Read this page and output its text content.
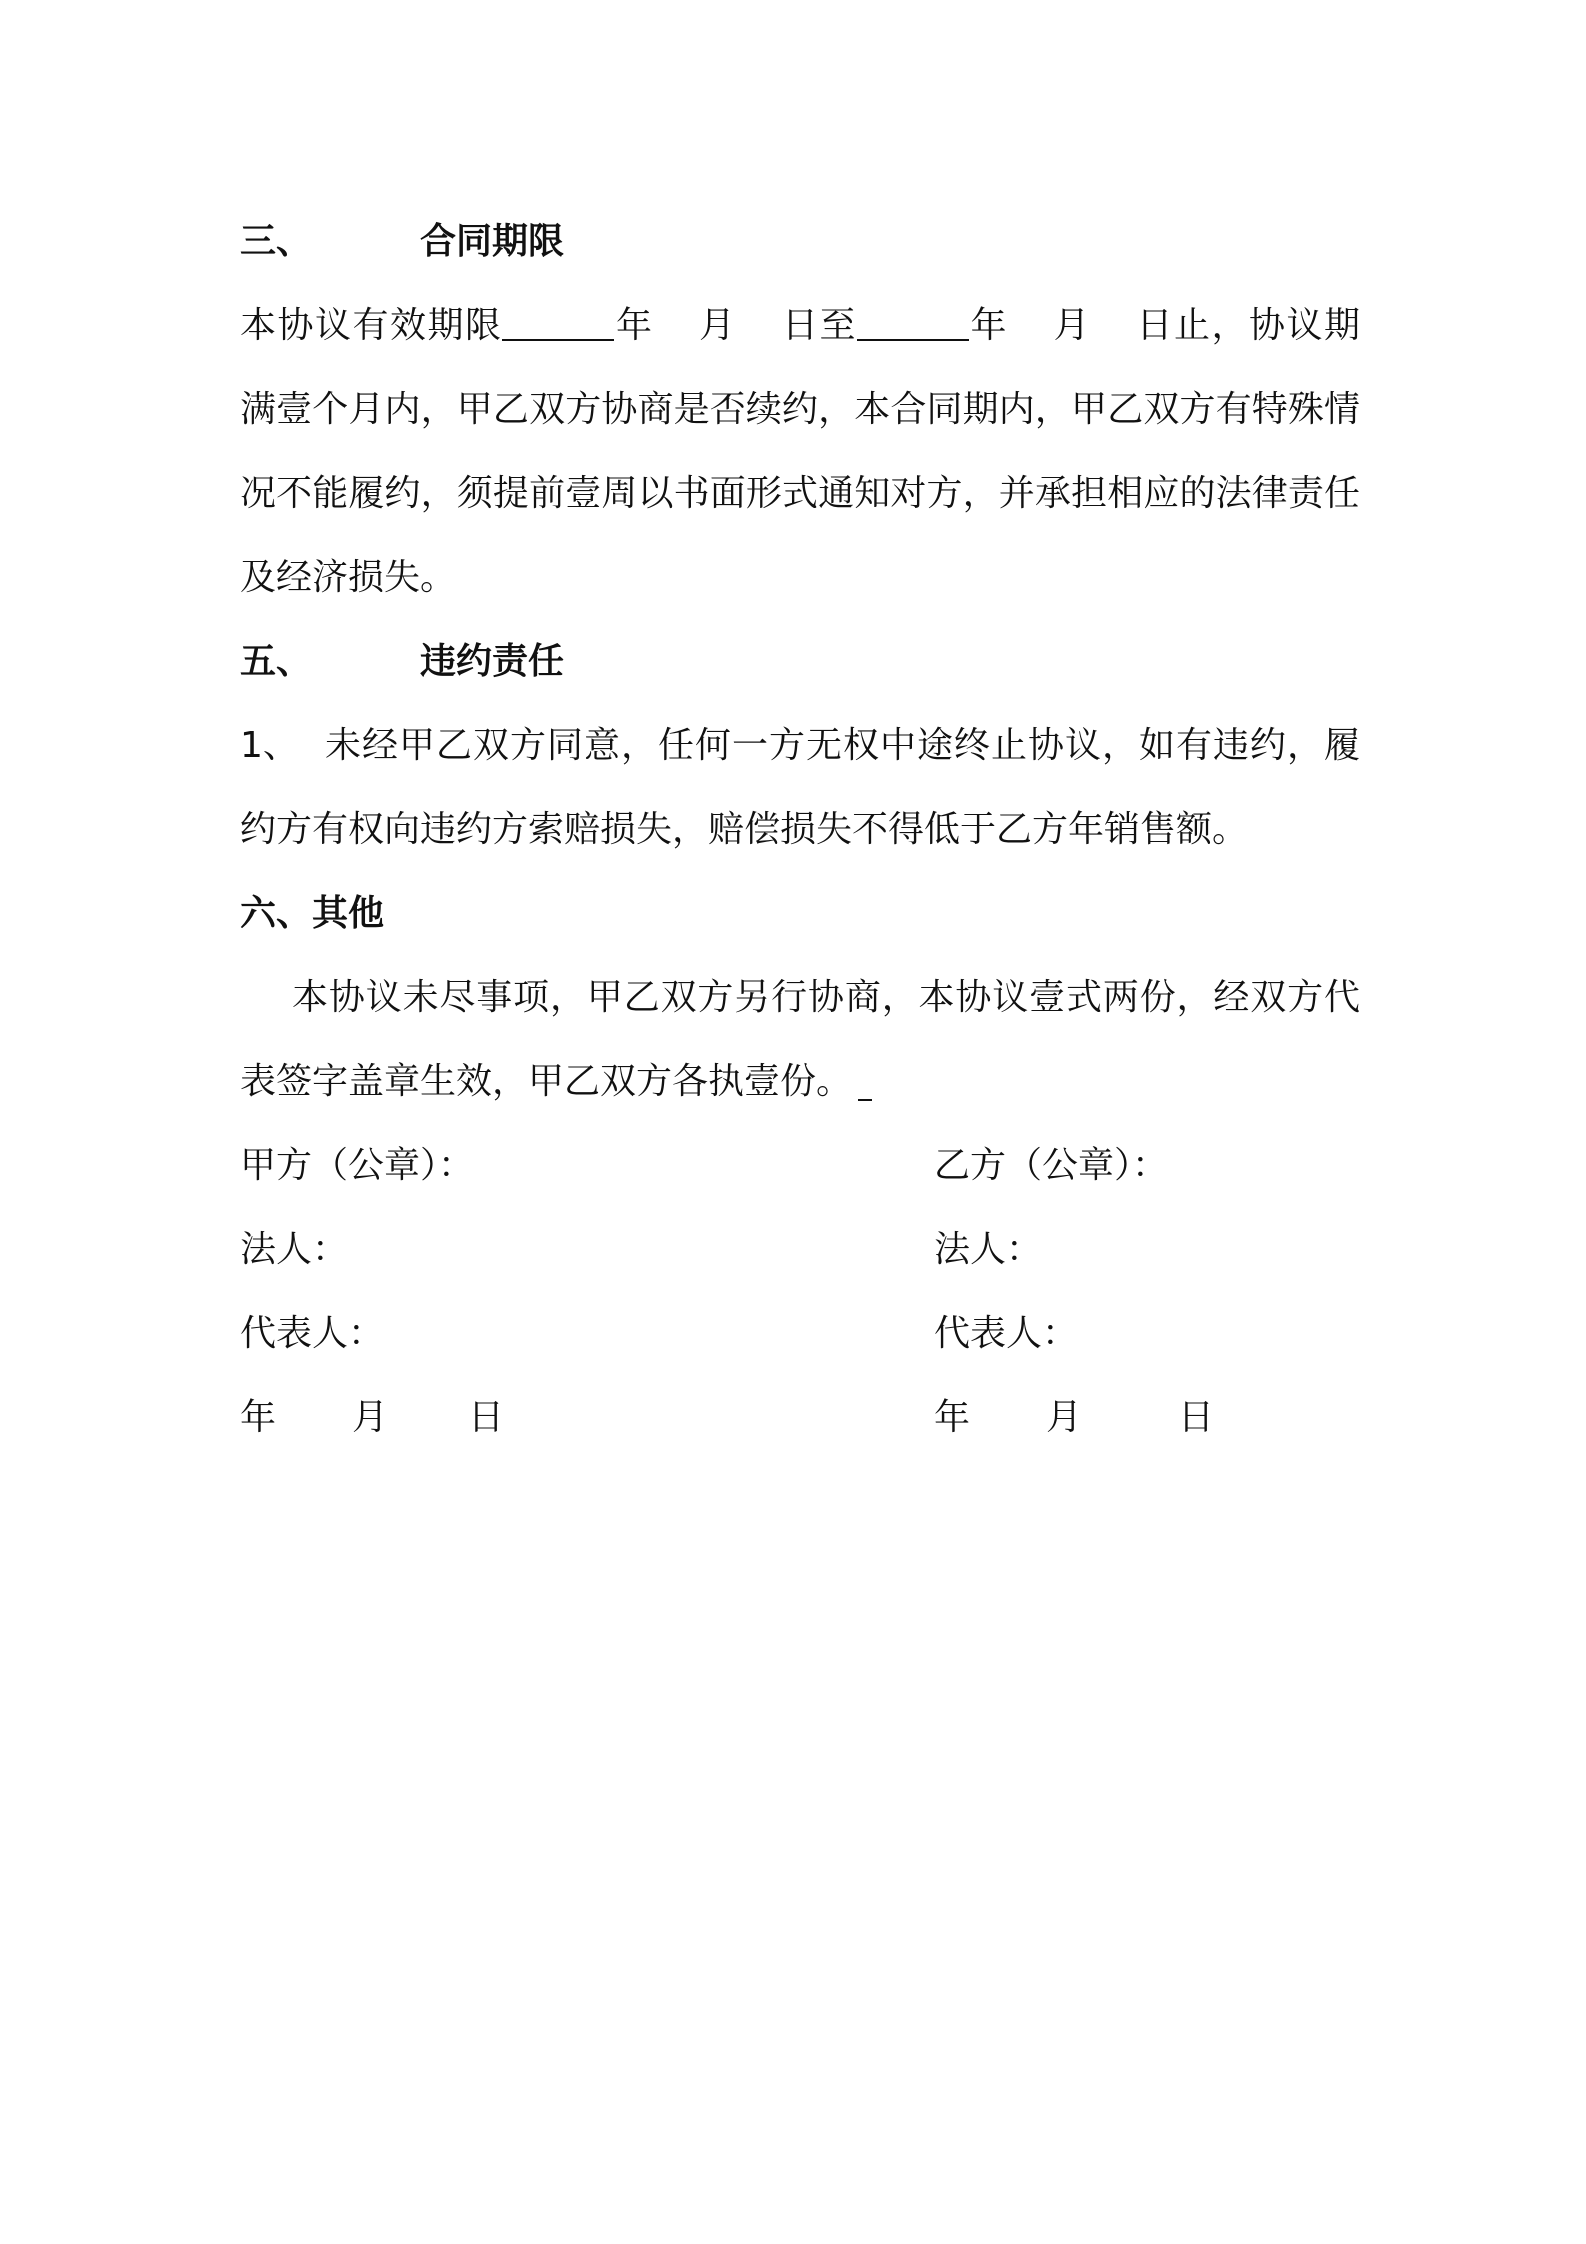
三、	合同期限
本协议有效期限	年 月 日至	年 月 日止，协议期满壹个月内，甲乙双方协商是否续约，本合同期内，甲乙双方有特殊情况不能履约，须提前壹周以书面形式通知对方，并承担相应的法律责任及经济损失。
五、	违约责任
1、 未经甲乙双方同意，任何一方无权中途终止协议，如有违约，履约方有权向违约方索赔损失，赔偿损失不得低于乙方年销售额。
六、其他
本协议未尽事项，甲乙双方另行协商，本协议壹式两份，经双方代表签字盖章生效，甲乙双方各执壹份。
甲方（公章）：	乙方（公章）：
法人：	法人：
代表人：	代表人：
年 月 日	年 月	日
